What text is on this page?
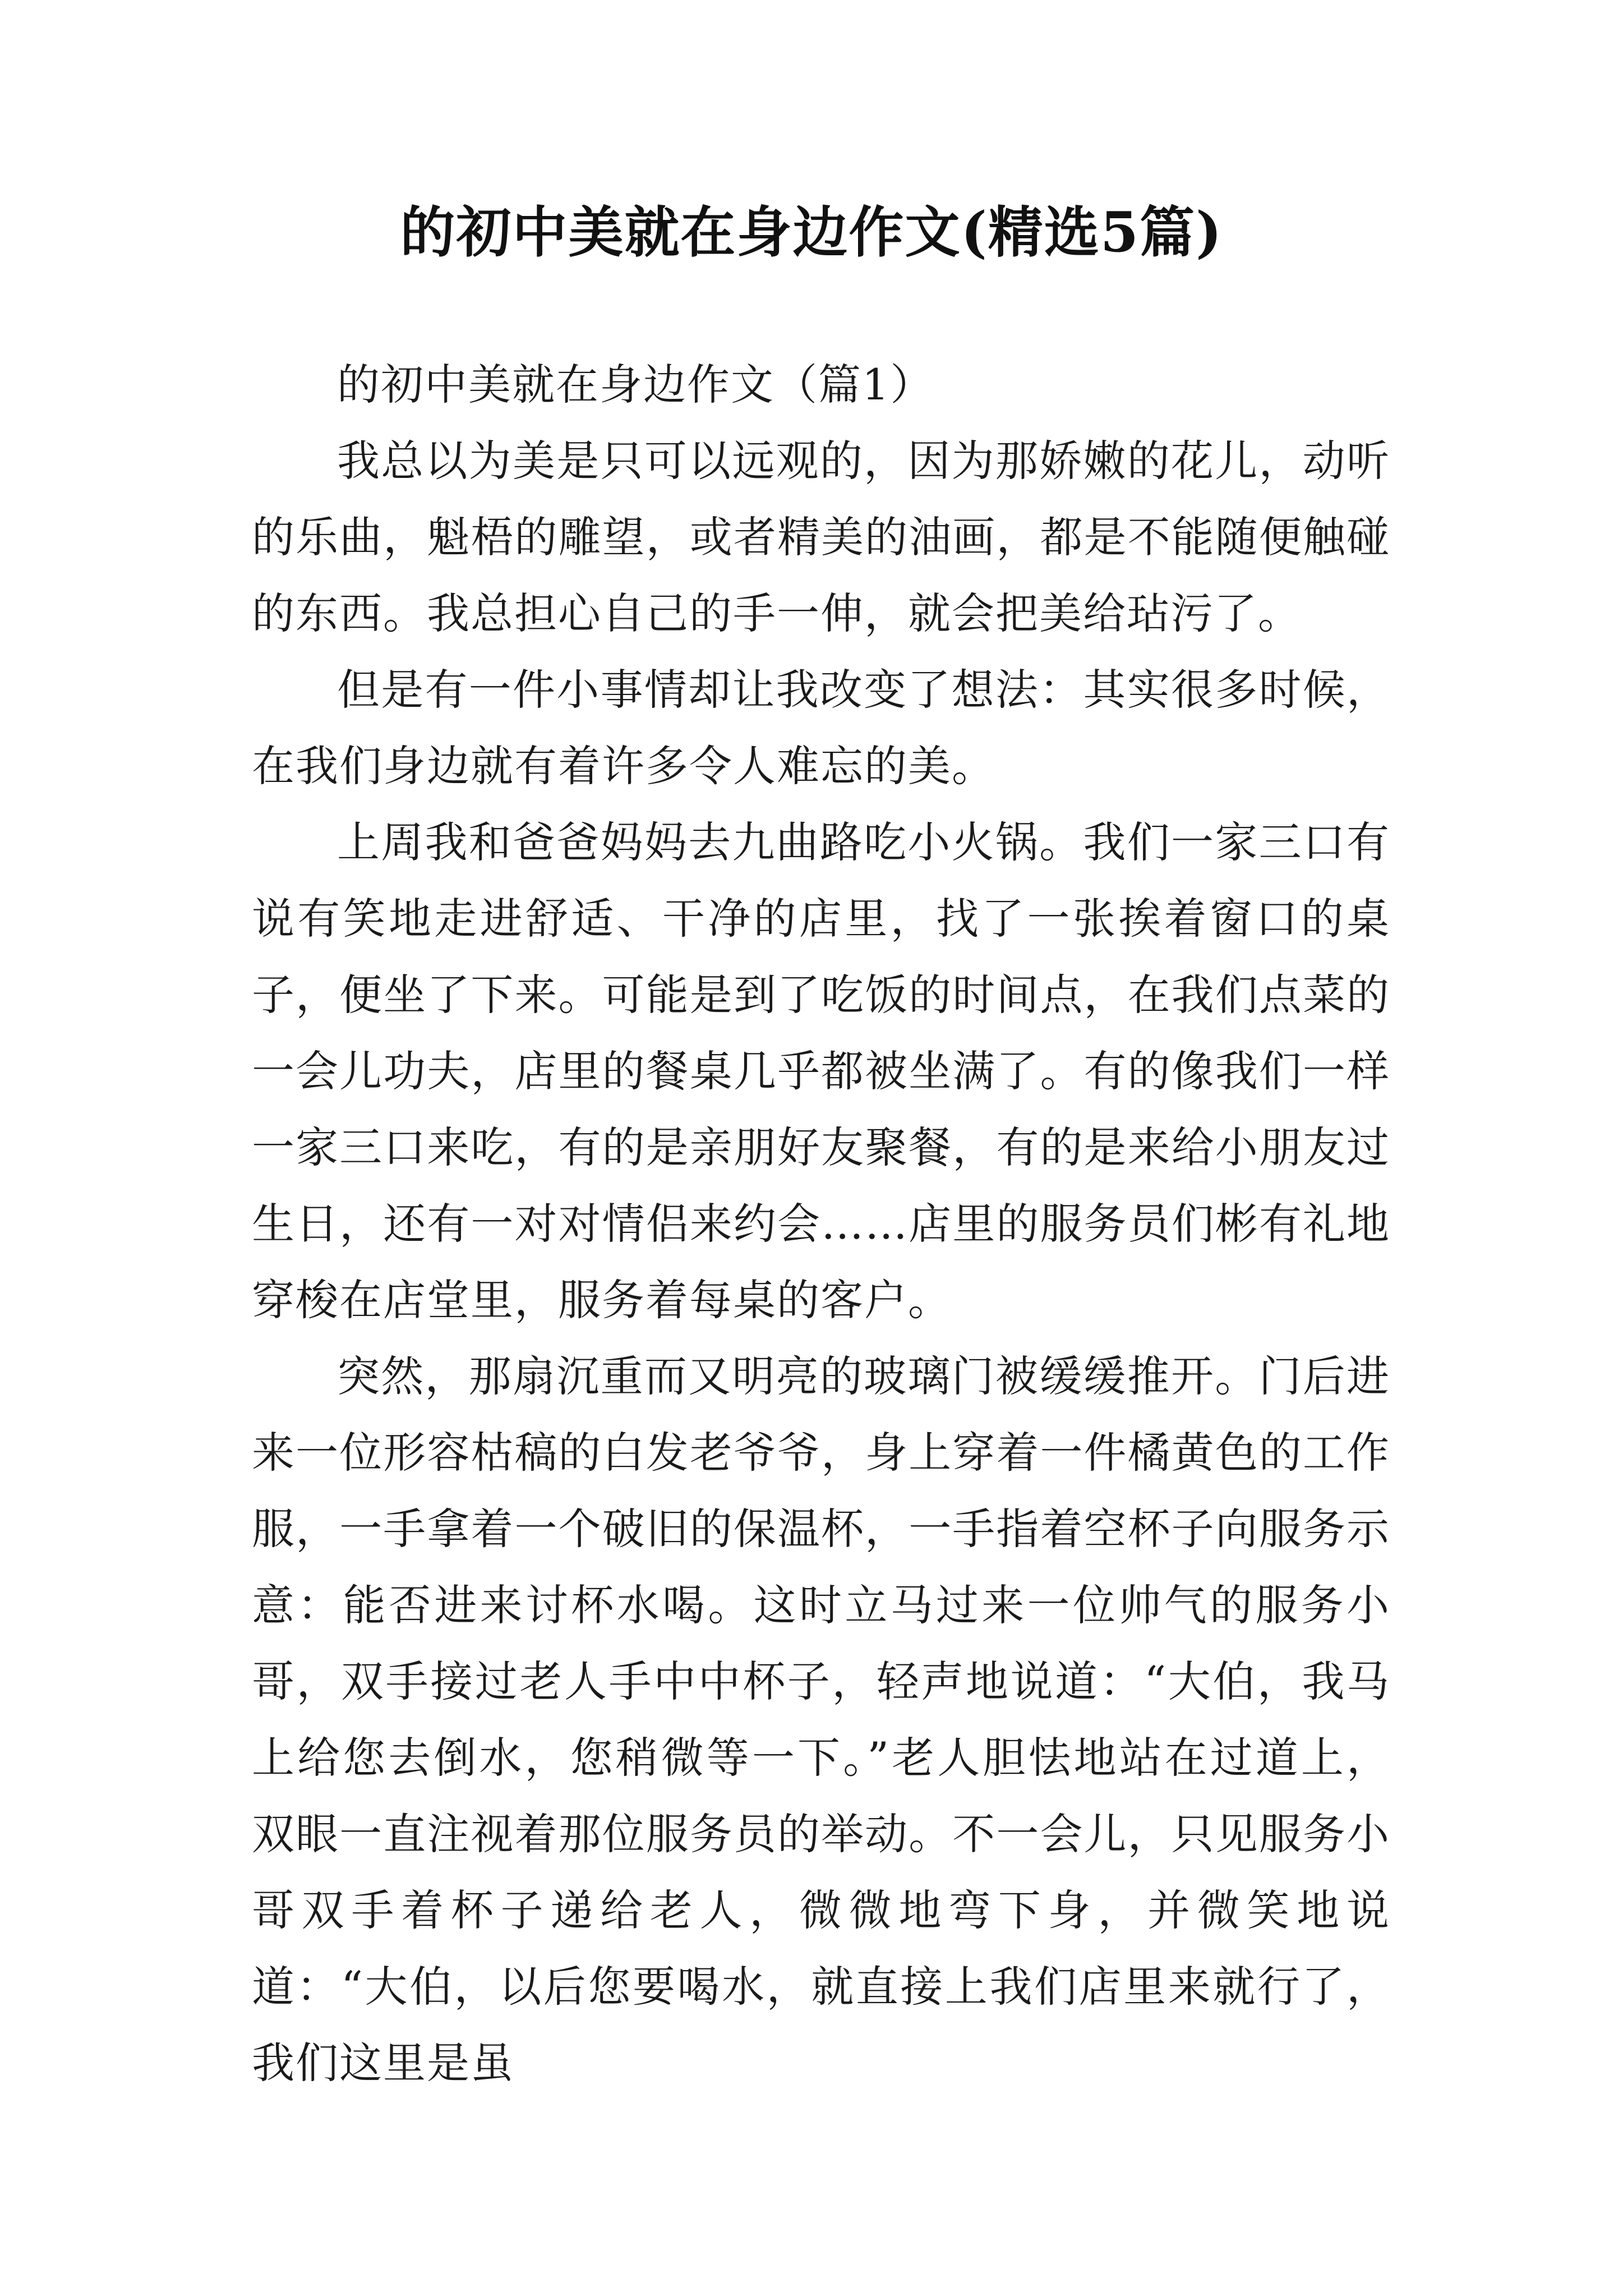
的初中美就在身边作文(精选5篇)

的初中美就在身边作文（篇1）

我总以为美是只可以远观的，因为那娇嫩的花儿，动听的乐曲，魁梧的雕望，或者精美的油画，都是不能随便触碰的东西。我总担心自己的手一伸，就会把美给玷污了。

但是有一件小事情却让我改变了想法：其实很多时候，在我们身边就有着许多令人难忘的美。

上周我和爸爸妈妈去九曲路吃小火锅。我们一家三口有说有笑地走进舒适、干净的店里，找了一张挨着窗口的桌子，便坐了下来。可能是到了吃饭的时间点，在我们点菜的一会儿功夫，店里的餐桌几乎都被坐满了。有的像我们一样一家三口来吃，有的是亲朋好友聚餐，有的是来给小朋友过生日，还有一对对情侣来约会……店里的服务员们彬有礼地穿梭在店堂里，服务着每桌的客户。

突然，那扇沉重而又明亮的玻璃门被缓缓推开。门后进来一位形容枯稿的白发老爷爷，身上穿着一件橘黄色的工作服，一手拿着一个破旧的保温杯，一手指着空杯子向服务示意：能否进来讨杯水喝。这时立马过来一位帅气的服务小哥，双手接过老人手中中杯子，轻声地说道：“大伯，我马上给您去倒水，您稍微等一下。”老人胆怯地站在过道上，双眼一直注视着那位服务员的举动。不一会儿，只见服务小哥双手着杯子递给老人，微微地弯下身，并微笑地说道：“大伯，以后您要喝水，就直接上我们店里来就行了，我们这里是虽
